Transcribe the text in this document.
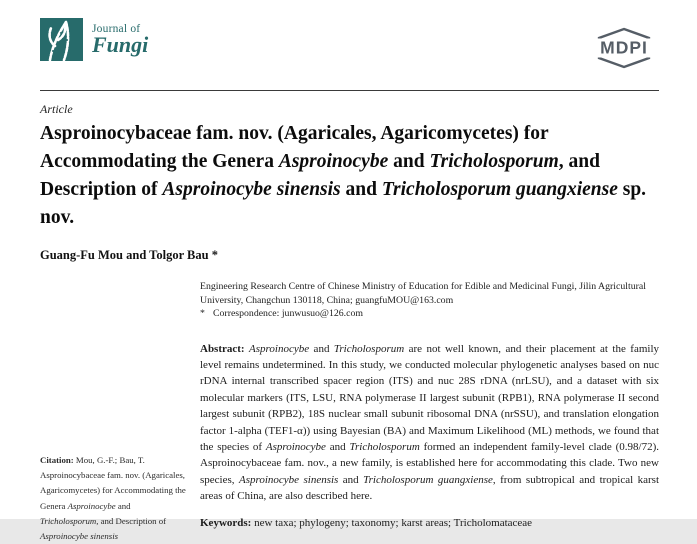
Journal of
Fungi	MDPI
Article
Asproinocybaceae fam. nov. (Agaricales, Agaricomycetes) for Accommodating the Genera Asproinocybe and Tricholosporum, and Description of Asproinocybe sinensis and Tricholosporum guangxiense sp. nov.
Guang-Fu Mou and Tolgor Bau *
Citation: Mou, G.-F.; Bau, T. Asproinocybaceae fam. nov. (Agaricales, Agaricomycetes) for Accommodating the Genera Asproinocybe and Tricholosporum, and Description of Asproinocybe sinensis
Engineering Research Centre of Chinese Ministry of Education for Edible and Medicinal Fungi, Jilin Agricultural University, Changchun 130118, China; guangfuMOU@163.com
* Correspondence: junwusuo@126.com
Abstract: Asproinocybe and Tricholosporum are not well known, and their placement at the family level remains undetermined. In this study, we conducted molecular phylogenetic analyses based on nuc rDNA internal transcribed spacer region (ITS) and nuc 28S rDNA (nrLSU), and a dataset with six molecular markers (ITS, LSU, RNA polymerase II largest subunit (RPB1), RNA polymerase II second largest subunit (RPB2), 18S nuclear small subunit ribosomal DNA (nrSSU), and translation elongation factor 1-alpha (TEF1-α)) using Bayesian (BA) and Maximum Likelihood (ML) methods, we found that the species of Asproinocybe and Tricholosporum formed an independent family-level clade (0.98/72). Asproinocybaceae fam. nov., a new family, is established here for accommodating this clade. Two new species, Asproinocybe sinensis and Tricholosporum guangxiense, from subtropical and tropical karst areas of China, are also described here.
Keywords: new taxa; phylogeny; taxonomy; karst areas; Tricholomataceae
